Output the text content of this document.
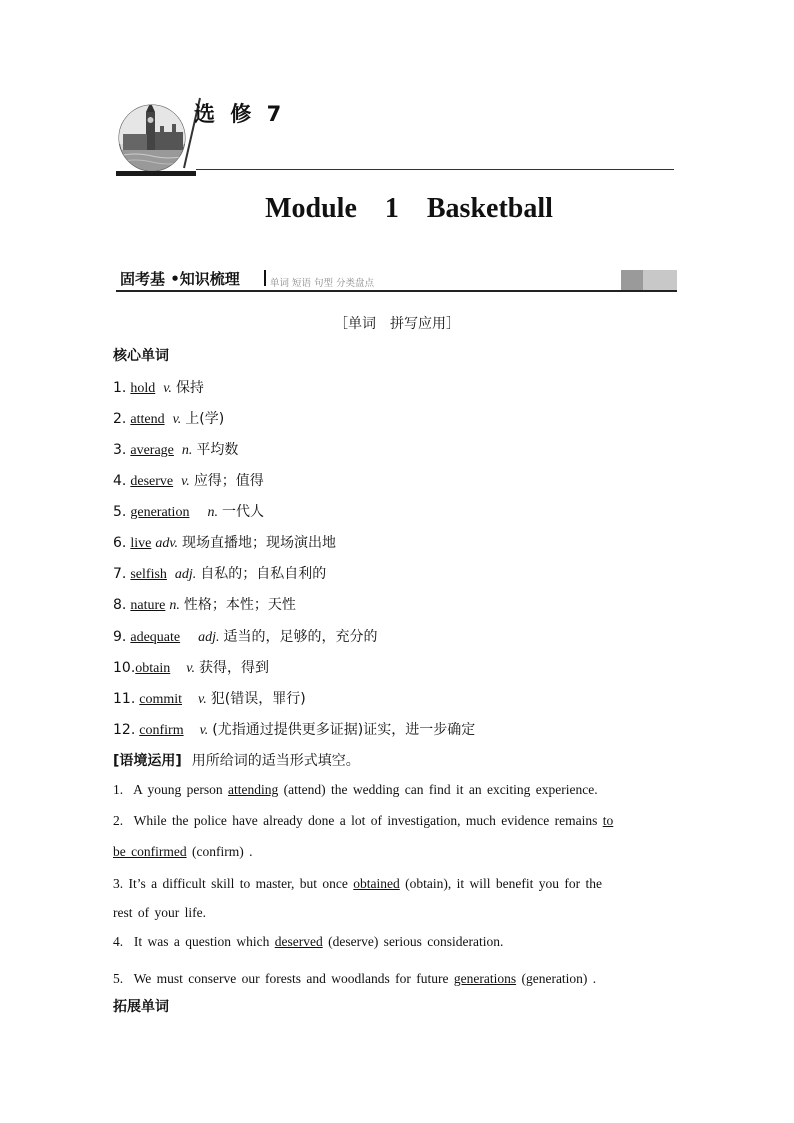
选 修 7
Module　1　Basketball
固考基 •知识梳理	单词 短语 句型 分类盘点
［单词　拼写应用］
核心单词
1. hold v. 保持
2. attend v. 上(学)
3. average n. 平均数
4. deserve v. 应得；值得
5. generation n. 一代人
6. live adv. 现场直播地；现场演出地
7. selfish adj. 自私的；自私自利的
8. nature n. 性格；本性；天性
9. adequate adj. 适当的，足够的，充分的
10.obtain v. 获得，得到
11. commit v. 犯(错误，罪行)
12. confirm v. (尤指通过提供更多证据)证实，进一步确定
[语境运用] 用所给词的适当形式填空。
1. A young person attending (attend) the wedding can find it an exciting experience.
2. While the police have already done a lot of investigation, much evidence remains to
be confirmed (confirm) .
3. It’s a difficult skill to master, but once obtained (obtain), it will benefit you for the
rest of your life.
4. It was a question which deserved (deserve) serious consideration.
5. We must conserve our forests and woodlands for future generations (generation) .
拓展单词
